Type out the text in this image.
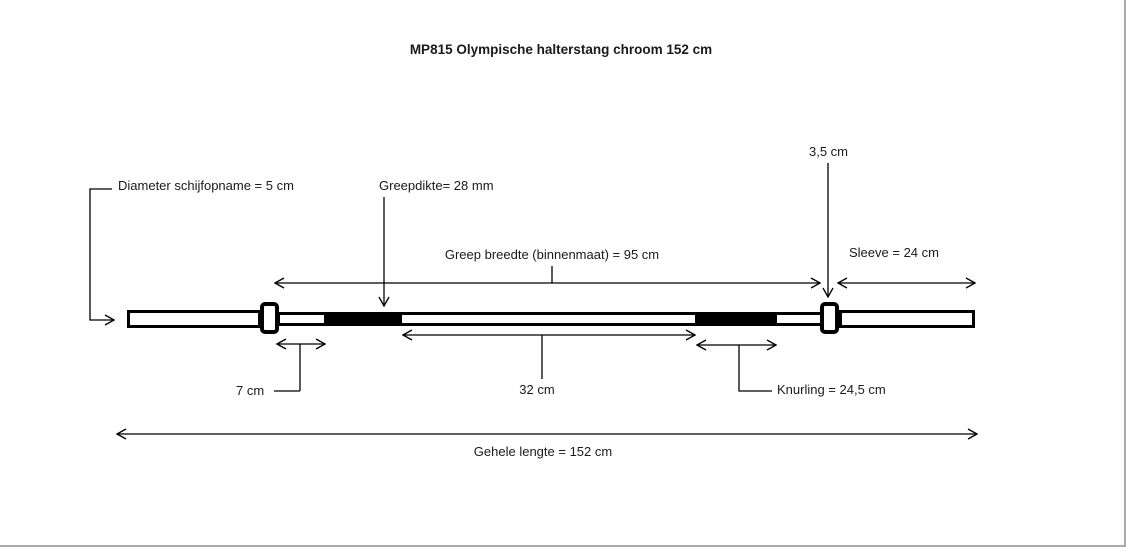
MP815 Olympische halterstang chroom 152 cm
Diameter schijfopname = 5 cm	Greepdikte= 28 mm
3,5 cm
Greep breedte (binnenmaat) = 95 cm	Sleeve = 24 cm
7 cm	32 cm	Knurling = 24,5 cm
Gehele lengte = 152 cm
